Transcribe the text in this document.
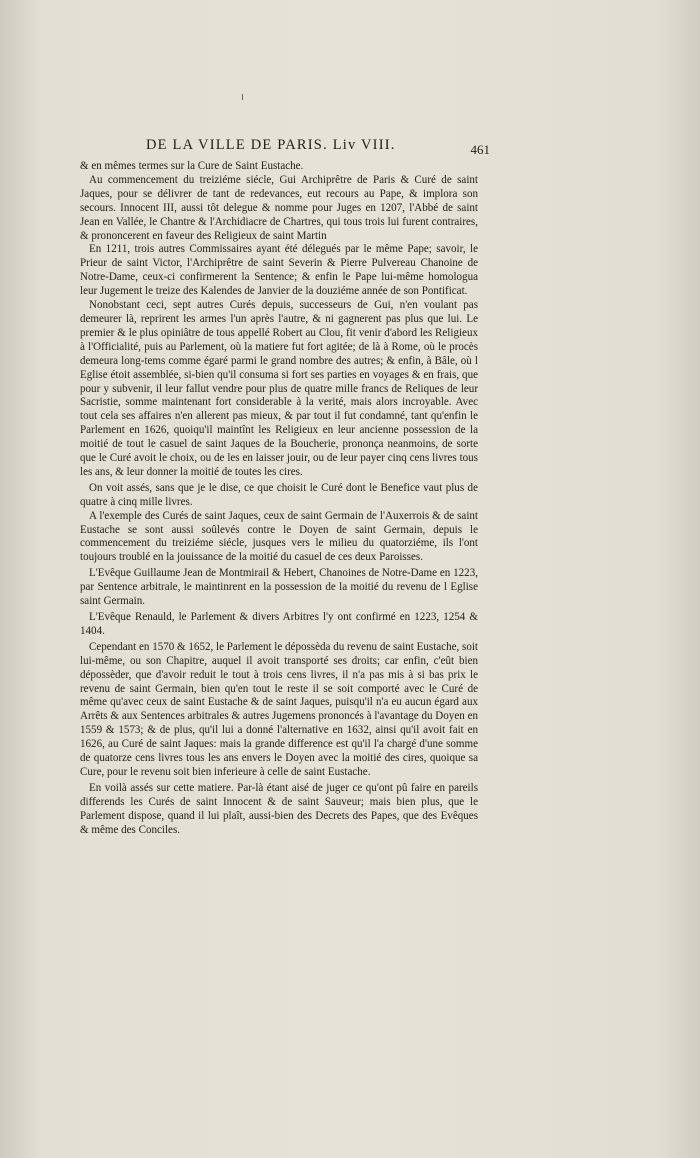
DE LA VILLE DE PARIS. Liv VIII.	461

& en mêmes termes sur la Cure de Saint Eustache.

Au commencement du treiziéme siécle, Gui Archiprêtre de Paris & Curé de saint Jaques, pour se délivrer de tant de redevances, eut recours au Pape, & implora son secours. Innocent III, aussi tôt delegue & nomme pour Juges en 1207, l'Abbé de saint Jean en Vallée, le Chantre & l'Archidiacre de Chartres, qui tous trois lui furent contraires, & prononcerent en faveur des Religieux de saint Martin

En 1211, trois autres Commissaires ayant été délegués par le même Pape; savoir, le Prieur de saint Victor, l'Archiprêtre de saint Severin & Pierre Pulvereau Chanoine de Notre-Dame, ceux-ci confirmerent la Sentence; & enfin le Pape lui-même homologua leur Jugement le treize des Kalendes de Janvier de la douziéme année de son Pontificat.

Nonobstant ceci, sept autres Curés depuis, successeurs de Gui, n'en voulant pas demeurer là, reprirent les armes l'un après l'autre, & ni gagnerent pas plus que lui. Le premier & le plus opiniâtre de tous appellé Robert au Clou, fit venir d'abord les Religieux à l'Officialité, puis au Parlement, où la matiere fut fort agitée; de là à Rome, où le procès demeura long-tems comme égaré parmi le grand nombre des autres; & enfin, à Bâle, où l Eglise étoit assemblée, si-bien qu'il consuma si fort ses parties en voyages & en frais, que pour y subvenir, il leur fallut vendre pour plus de quatre mille francs de Reliques de leur Sacristie, somme maintenant fort considerable à la verité, mais alors incroyable. Avec tout cela ses affaires n'en allerent pas mieux, & par tout il fut condamné, tant qu'enfin le Parlement en 1626, quoiqu'il maintînt les Religieux en leur ancienne possession de la moitié de tout le casuel de saint Jaques de la Boucherie, prononça neanmoins, de sorte que le Curé avoit le choix, ou de les en laisser jouir, ou de leur payer cinq cens livres tous les ans, & leur donner la moitié de toutes les cires.

On voit assés, sans que je le dise, ce que choisit le Curé dont le Benefice vaut plus de quatre à cinq mille livres.

A l'exemple des Curés de saint Jaques, ceux de saint Germain de l'Auxerrois & de saint Eustache se sont aussi soûlevés contre le Doyen de saint Germain, depuis le commencement du treiziéme siécle, jusques vers le milieu du quatorziéme, ils l'ont toujours troublé en la jouissance de la moitié du casuel de ces deux Paroisses.

L'Evêque Guillaume Jean de Montmirail & Hebert, Chanoines de Notre-Dame en 1223, par Sentence arbitrale, le maintinrent en la possession de la moitié du revenu de l Eglise saint Germain.

L'Evêque Renauld, le Parlement & divers Arbitres l'y ont confirmé en 1223, 1254 & 1404.

Cependant en 1570 & 1652, le Parlement le dépossèda du revenu de saint Eustache, soit lui-même, ou son Chapitre, auquel il avoit transporté ses droits; car enfin, c'eût bien dépossèder, que d'avoir reduit le tout à trois cens livres, il n'a pas mis à si bas prix le revenu de saint Germain, bien qu'en tout le reste il se soit comporté avec le Curé de même qu'avec ceux de saint Eustache & de saint Jaques, puisqu'il n'a eu aucun égard aux Arrêts & aux Sentences arbitrales & autres Jugemens prononcés à l'avantage du Doyen en 1559 & 1573; & de plus, qu'il lui a donné l'alternative en 1632, ainsi qu'il avoit fait en 1626, au Curé de saint Jaques: mais la grande difference est qu'il l'a chargé d'une somme de quatorze cens livres tous les ans envers le Doyen avec la moitié des cires, quoique sa Cure, pour le revenu soit bien inferieure à celle de saint Eustache.

En voilà assés sur cette matiere. Par-là étant aisé de juger ce qu'ont pû faire en pareils differends les Curés de saint Innocent & de saint Sauveur; mais bien plus, que le Parlement dispose, quand il lui plaît, aussi-bien des Decrets des Papes, que des Evêques & même des Conciles.
